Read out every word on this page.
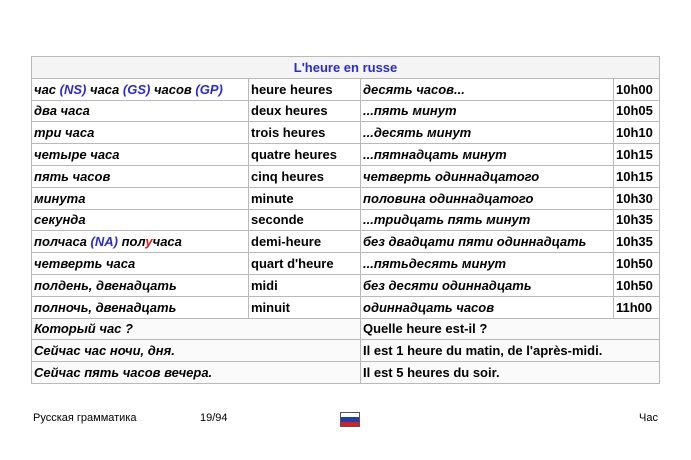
L'heure en russe			
час (NS) часа (GS) часов (GP)	heure heures	десять часов...	10h00
два часа	deux heures	...пять минут	10h05
три часа	trois heures	...десять минут	10h10
четыре часа	quatre heures	...пятнадцать минут	10h15
пять часов	cinq heures	четверть одиннадцатого	10h15
минута	minute	половина одиннадцатого	10h30
секунда	seconde	...тридцать пять минут	10h35
полчаса (NA) получаса	demi-heure	без двадцати пяти одиннадцать	10h35
четверть часа	quart d'heure	...пятьдесять минут	10h50
полдень, двенадцать	midi	без десяти одиннадцать	10h50
полночь, двенадцать	minuit	одиннадцать часов	11h00
Который час ?		Quelle heure est-il ?	
Сейчас час ночи, дня.		Il est 1 heure du matin, de l'après-midi.	
Сейчас пять часов вечера.		Il est 5 heures du soir.	
Русская грамматика	19/94	Час
